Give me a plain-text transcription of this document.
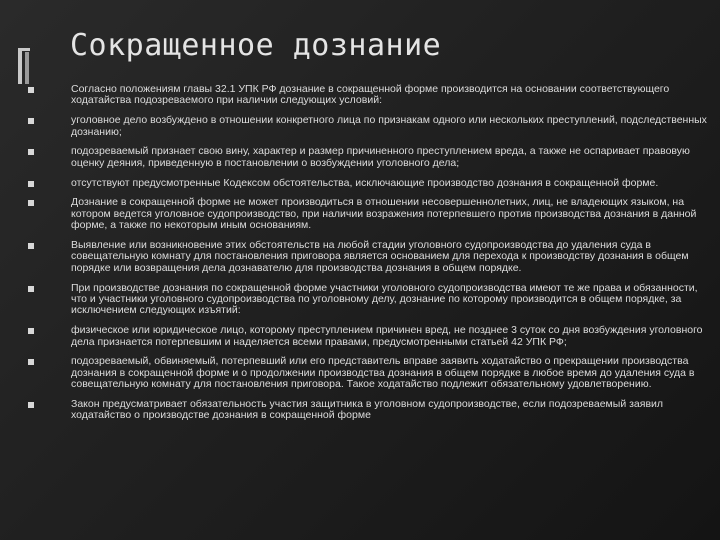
Сокращенное дознание
Согласно положениям главы 32.1 УПК РФ дознание в сокращенной форме производится на основании соответствующего ходатайства подозреваемого при наличии следующих условий:
уголовное дело возбуждено в отношении конкретного лица по признакам одного или нескольких преступлений, подследственных дознанию;
подозреваемый признает свою вину, характер и размер причиненного преступлением вреда, а также не оспаривает правовую оценку деяния, приведенную в постановлении о возбуждении уголовного дела;
отсутствуют предусмотренные Кодексом обстоятельства, исключающие производство дознания в сокращенной форме.
Дознание в сокращенной форме не может производиться в отношении несовершеннолетних, лиц, не владеющих языком, на котором ведется уголовное судопроизводство, при наличии возражения потерпевшего против производства дознания в данной форме, а также по некоторым иным основаниям.
Выявление или возникновение этих обстоятельств на любой стадии уголовного судопроизводства до удаления суда в совещательную комнату для постановления приговора является основанием для перехода к производству дознания в общем порядке или возвращения дела дознавателю для производства дознания в общем порядке.
При производстве дознания по сокращенной форме участники уголовного судопроизводства имеют те же права и обязанности, что и участники уголовного судопроизводства по уголовному делу, дознание по которому производится в общем порядке, за исключением следующих изъятий:
физическое или юридическое лицо, которому преступлением причинен вред, не позднее 3 суток со дня возбуждения уголовного дела признается потерпевшим и наделяется всеми правами, предусмотренными статьей 42 УПК РФ;
подозреваемый, обвиняемый, потерпевший или его представитель вправе заявить ходатайство о прекращении производства дознания в сокращенной форме и о продолжении производства дознания в общем порядке в любое время до удаления суда в совещательную комнату для постановления приговора. Такое ходатайство подлежит обязательному удовлетворению.
Закон предусматривает обязательность участия защитника в уголовном судопроизводстве, если подозреваемый заявил ходатайство о производстве дознания в сокращенной форме
